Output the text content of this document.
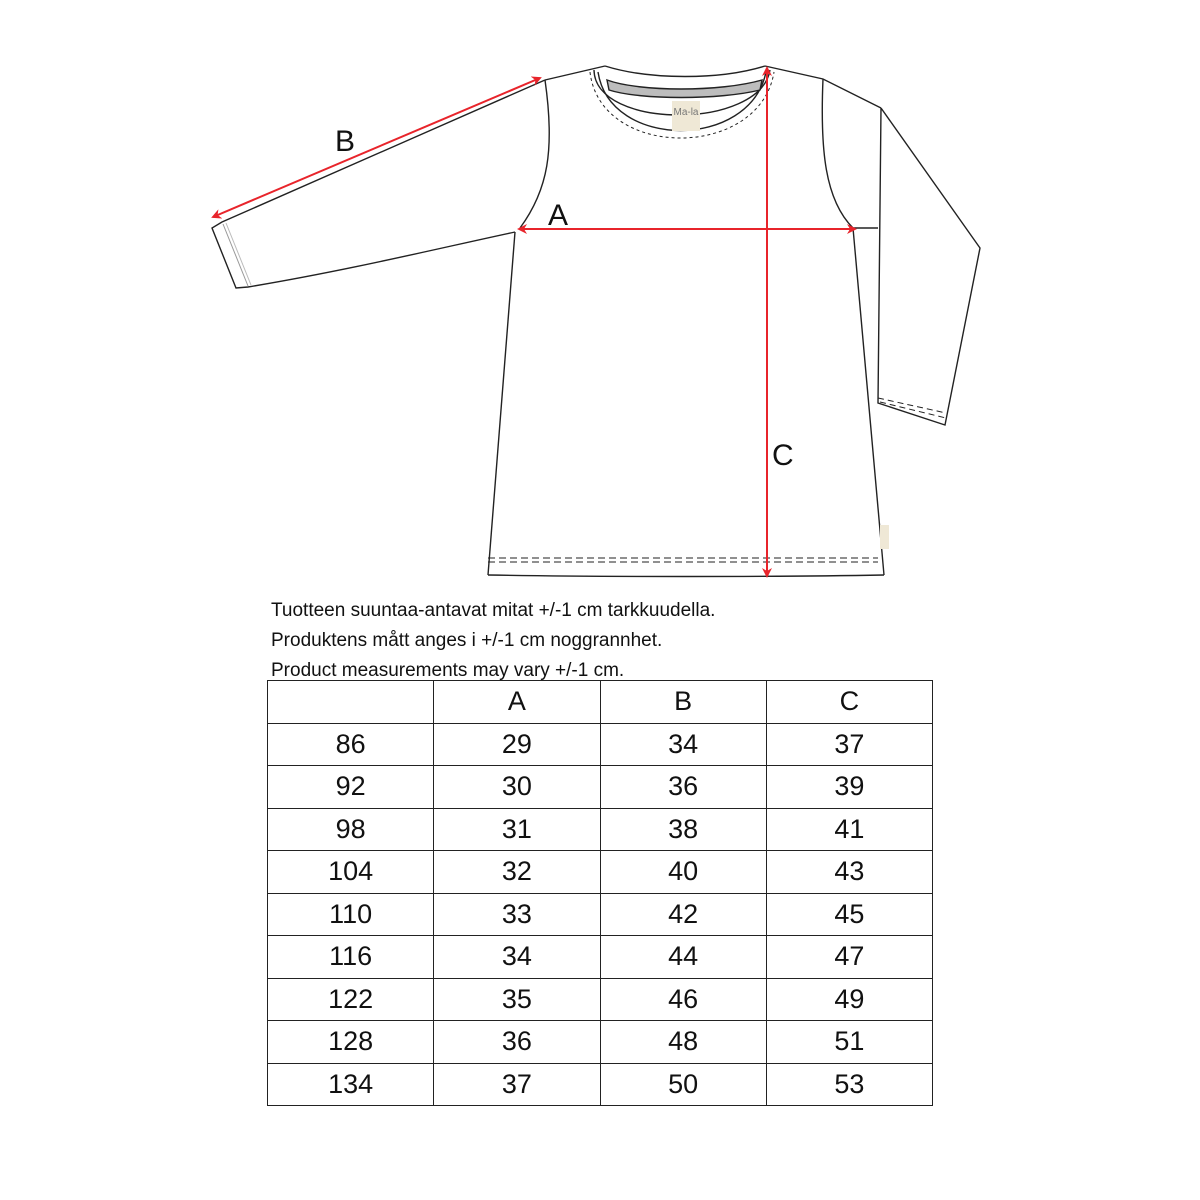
Ma-la
B
A
C
Tuotteen suuntaa-antavat mitat +/-1 cm tarkkuudella.
Produktens mått anges i +/-1 cm noggrannhet.
Product measurements may vary +/-1 cm.
	A	B	C
86	29	34	37
92	30	36	39
98	31	38	41
104	32	40	43
110	33	42	45
116	34	44	47
122	35	46	49
128	36	48	51
134	37	50	53
